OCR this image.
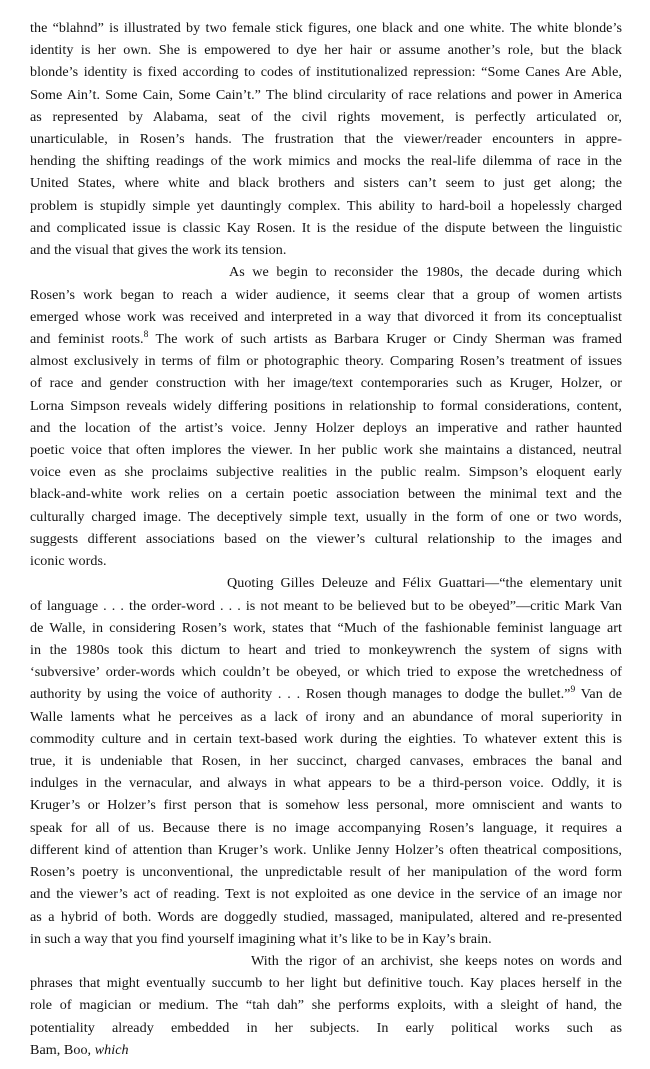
the “blahnd” is illustrated by two female stick figures, one black and one white. The white blonde’s
identity is her own. She is empowered to dye her hair or assume another’s role, but the black
blonde’s identity is fixed according to codes of institutionalized repression: “Some Canes Are Able,
Some Ain’t. Some Cain, Some Cain’t.” The blind circularity of race relations and power in America
as represented by Alabama, seat of the civil rights movement, is perfectly articulated or,
unarticulable, in Rosen’s hands. The frustration that the viewer/reader encounters in appre-
hending the shifting readings of the work mimics and mocks the real-life dilemma of race in the
United States, where white and black brothers and sisters can’t seem to just get along; the
problem is stupidly simple yet dauntingly complex. This ability to hard-boil a hopelessly charged
and complicated issue is classic Kay Rosen. It is the residue of the dispute between the linguistic
and the visual that gives the work its tension.
As we begin to reconsider the 1980s, the decade during which
Rosen’s work began to reach a wider audience, it seems clear that a group of women artists
emerged whose work was received and interpreted in a way that divorced it from its conceptualist
and feminist roots.$^8$ The work of such artists as Barbara Kruger or Cindy Sherman was framed
almost exclusively in terms of film or photographic theory. Comparing Rosen’s treatment of issues
of race and gender construction with her image/text contemporaries such as Kruger, Holzer, or
Lorna Simpson reveals widely differing positions in relationship to formal considerations, content,
and the location of the artist’s voice. Jenny Holzer deploys an imperative and rather haunted
poetic voice that often implores the viewer. In her public work she maintains a distanced, neutral
voice even as she proclaims subjective realities in the public realm. Simpson’s eloquent early
black-and-white work relies on a certain poetic association between the minimal text and the
culturally charged image. The deceptively simple text, usually in the form of one or two words,
suggests different associations based on the viewer’s cultural relationship to the images and
iconic words.
Quoting Gilles Deleuze and Félix Guattari—“the elementary unit
of language . . . the order-word . . . is not meant to be believed but to be obeyed”—critic Mark Van
de Walle, in considering Rosen’s work, states that “Much of the fashionable feminist language art
in the 1980s took this dictum to heart and tried to monkeywrench the system of signs with
‘subversive’ order-words which couldn’t be obeyed, or which tried to expose the wretchedness of
authority by using the voice of authority . . . Rosen though manages to dodge the bullet.”$^9$ Van de
Walle laments what he perceives as a lack of irony and an abundance of moral superiority in
commodity culture and in certain text-based work during the eighties. To whatever extent this is
true, it is undeniable that Rosen, in her succinct, charged canvases, embraces the banal and
indulges in the vernacular, and always in what appears to be a third-person voice. Oddly, it is
Kruger’s or Holzer’s first person that is somehow less personal, more omniscient and wants to
speak for all of us. Because there is no image accompanying Rosen’s language, it requires a
different kind of attention than Kruger’s work. Unlike Jenny Holzer’s often theatrical compositions,
Rosen’s poetry is unconventional, the unpredictable result of her manipulation of the word form
and the viewer’s act of reading. Text is not exploited as one device in the service of an image nor
as a hybrid of both. Words are doggedly studied, massaged, manipulated, altered and re-presented
in such a way that you find yourself imagining what it’s like to be in Kay’s brain.
With the rigor of an archivist, she keeps notes on words and
phrases that might eventually succumb to her light but definitive touch. Kay places herself in the
role of magician or medium. The “tah dah” she performs exploits, with a sleight of hand, the
potentiality already embedded in her subjects. In early political works such as
Bam, Boo, which
